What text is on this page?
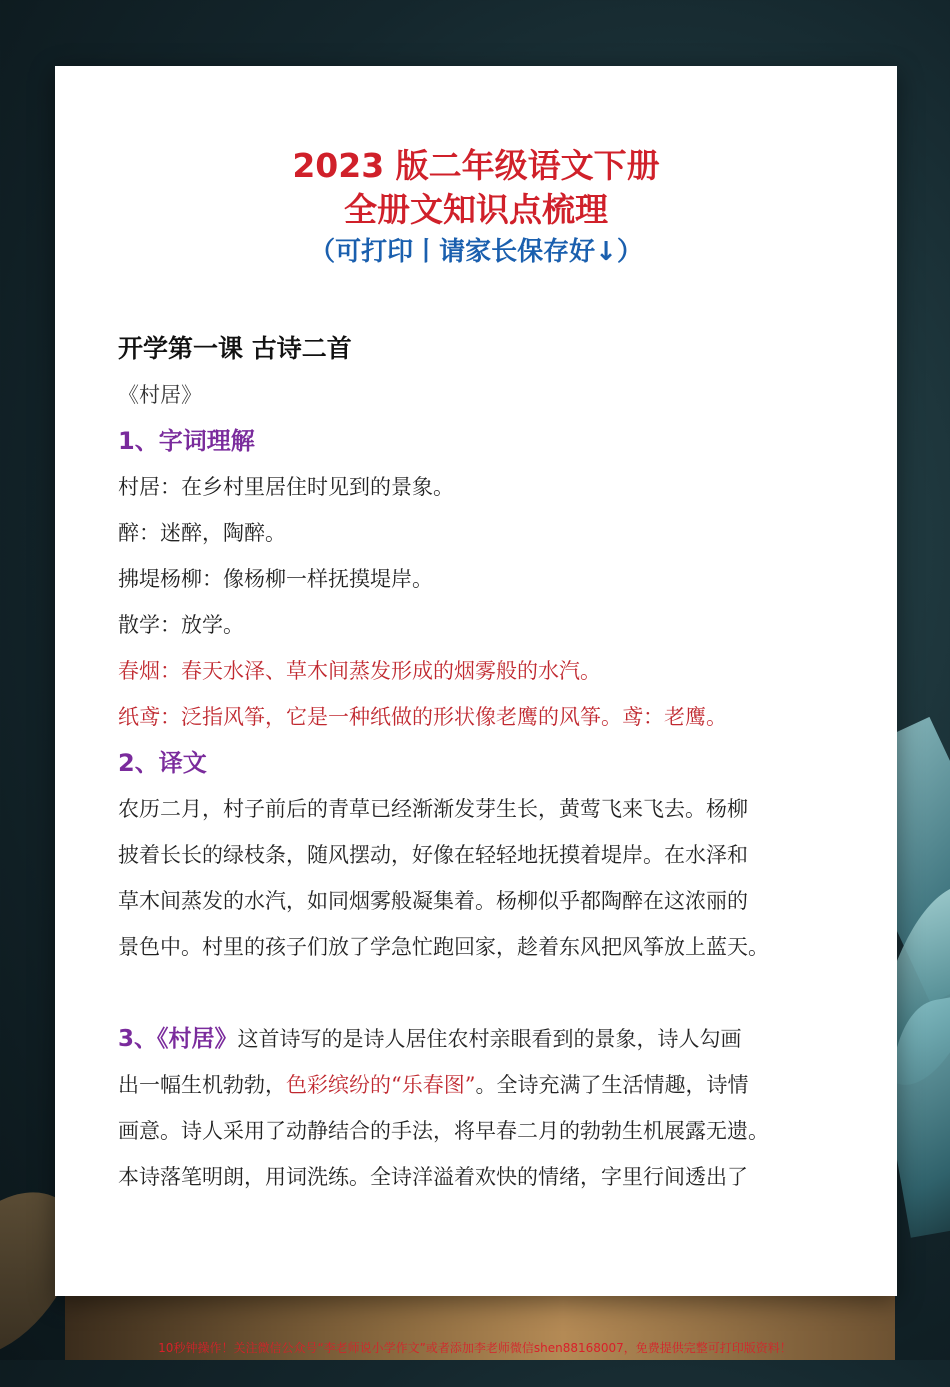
2023 版二年级语文下册
全册文知识点梳理
（可打印丨请家长保存好↓）
开学第一课 古诗二首
《村居》
1、字词理解
村居：在乡村里居住时见到的景象。
醉：迷醉，陶醉。
拂堤杨柳：像杨柳一样抚摸堤岸。
散学：放学。
春烟：春天水泽、草木间蒸发形成的烟雾般的水汽。
纸鸢：泛指风筝，它是一种纸做的形状像老鹰的风筝。鸢：老鹰。
2、译文
农历二月，村子前后的青草已经渐渐发芽生长，黄莺飞来飞去。杨柳
披着长长的绿枝条，随风摆动，好像在轻轻地抚摸着堤岸。在水泽和
草木间蒸发的水汽，如同烟雾般凝集着。杨柳似乎都陶醉在这浓丽的
景色中。村里的孩子们放了学急忙跑回家，趁着东风把风筝放上蓝天。
3、《村居》这首诗写的是诗人居住农村亲眼看到的景象，诗人勾画
出一幅生机勃勃，色彩缤纷的“乐春图”。全诗充满了生活情趣，诗情
画意。诗人采用了动静结合的手法，将早春二月的勃勃生机展露无遗。
本诗落笔明朗，用词洗练。全诗洋溢着欢快的情绪，字里行间透出了
10秒钟操作！关注微信公众号“李老师说小学作文”或者添加李老师微信shen88168007，免费提供完整可打印版资料！
